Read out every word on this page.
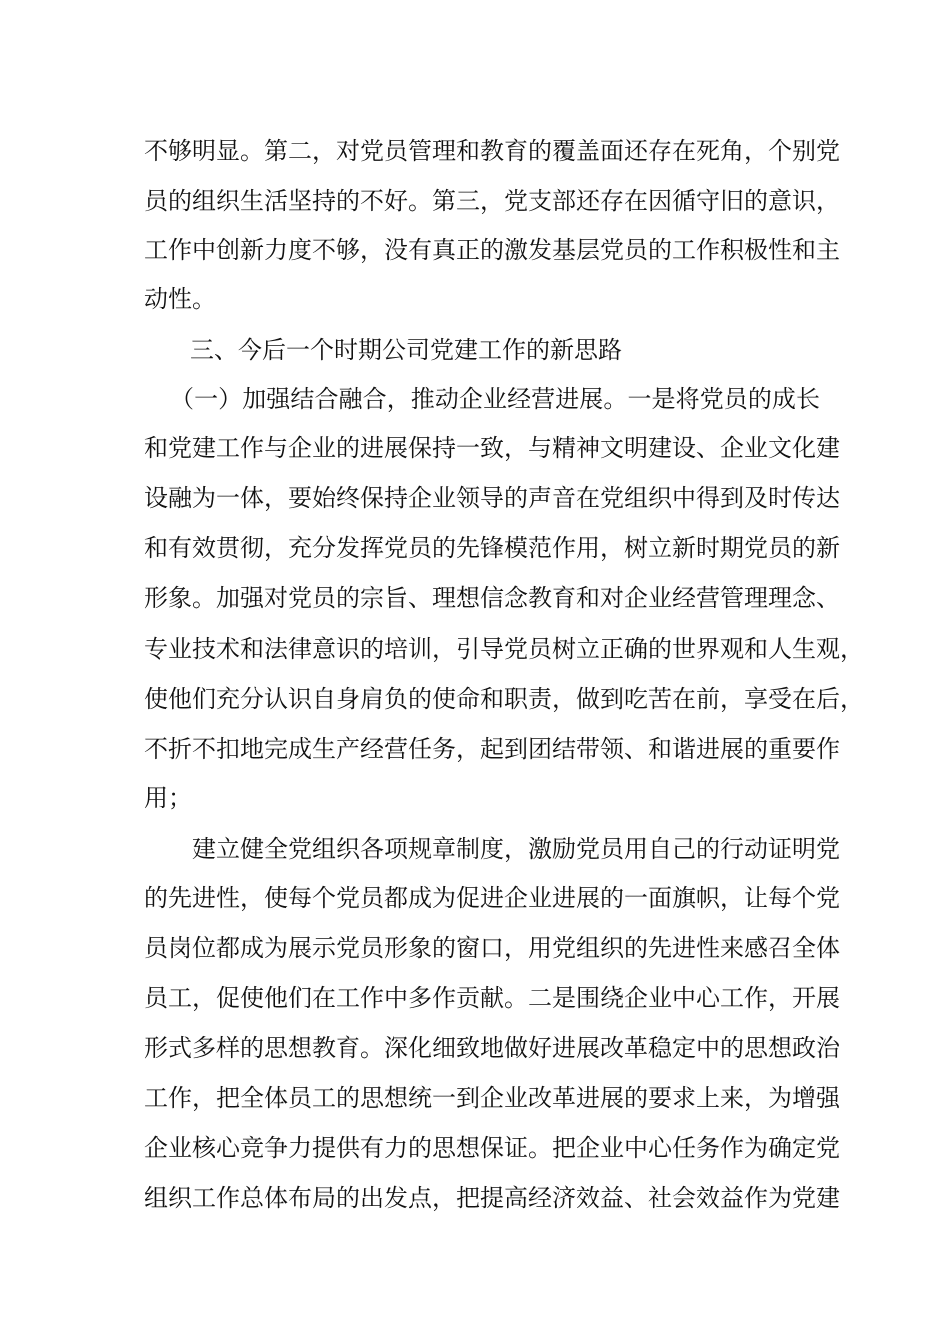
不够明显。第二，对党员管理和教育的覆盖面还存在死角，个别党
员的组织生活坚持的不好。第三，党支部还存在因循守旧的意识，
工作中创新力度不够，没有真正的激发基层党员的工作积极性和主
动性。
三、今后一个时期公司党建工作的新思路
（一）加强结合融合，推动企业经营进展。一是将党员的成长
和党建工作与企业的进展保持一致，与精神文明建设、企业文化建
设融为一体，要始终保持企业领导的声音在党组织中得到及时传达
和有效贯彻，充分发挥党员的先锋模范作用，树立新时期党员的新
形象。加强对党员的宗旨、理想信念教育和对企业经营管理理念、
专业技术和法律意识的培训，引导党员树立正确的世界观和人生观，
使他们充分认识自身肩负的使命和职责，做到吃苦在前，享受在后，
不折不扣地完成生产经营任务，起到团结带领、和谐进展的重要作
用；
建立健全党组织各项规章制度，激励党员用自己的行动证明党
的先进性，使每个党员都成为促进企业进展的一面旗帜，让每个党
员岗位都成为展示党员形象的窗口，用党组织的先进性来感召全体
员工，促使他们在工作中多作贡献。二是围绕企业中心工作，开展
形式多样的思想教育。深化细致地做好进展改革稳定中的思想政治
工作，把全体员工的思想统一到企业改革进展的要求上来，为增强
企业核心竞争力提供有力的思想保证。把企业中心任务作为确定党
组织工作总体布局的出发点，把提高经济效益、社会效益作为党建
